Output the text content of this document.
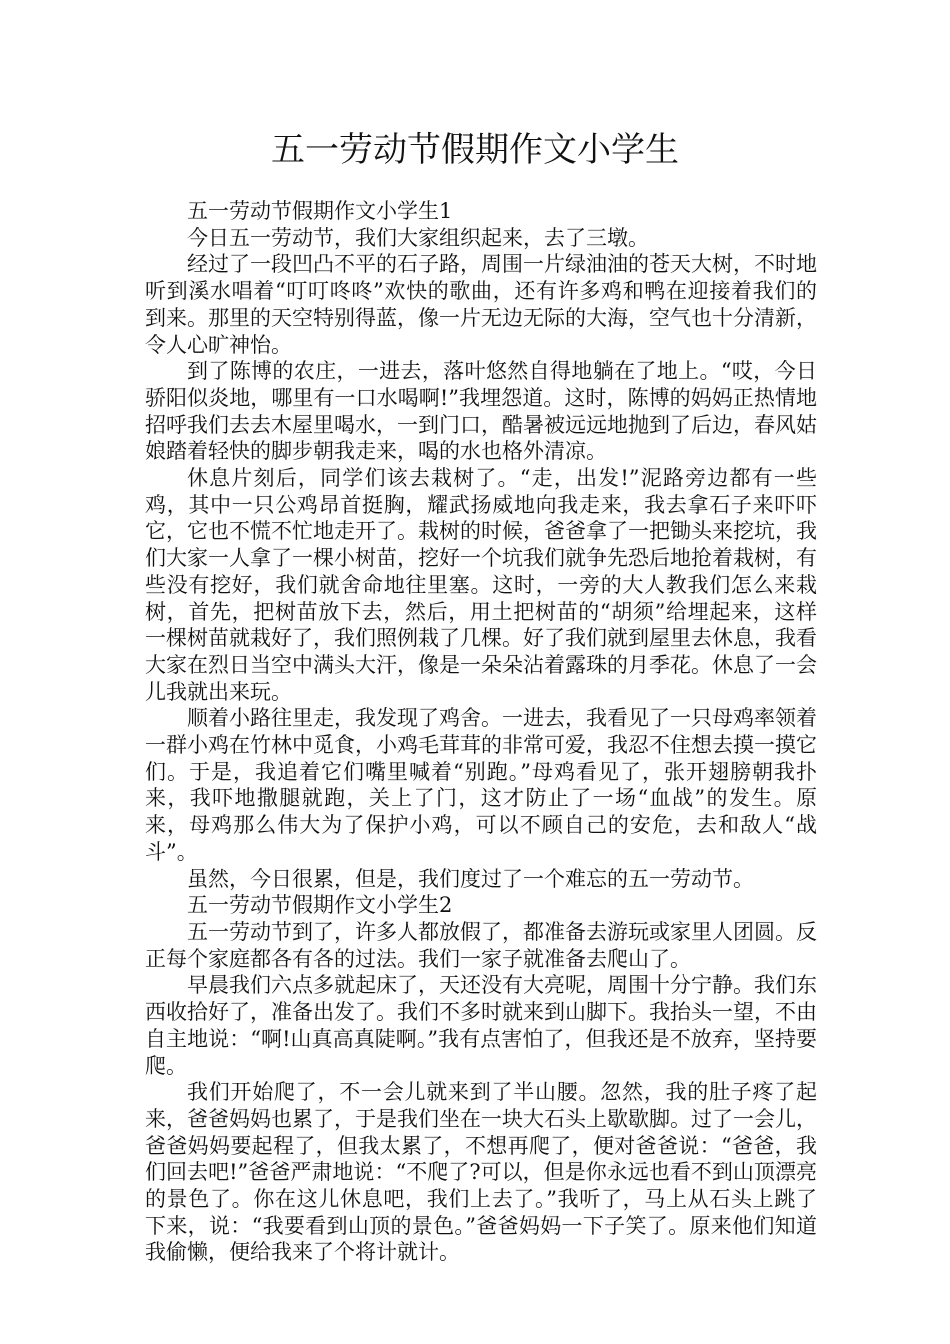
五一劳动节假期作文小学生

五一劳动节假期作文小学生1

今日五一劳动节，我们大家组织起来，去了三墩。

经过了一段凹凸不平的石子路，周围一片绿油油的苍天大树，不时地听到溪水唱着“叮叮咚咚”欢快的歌曲，还有许多鸡和鸭在迎接着我们的到来。那里的天空特别得蓝，像一片无边无际的大海，空气也十分清新，令人心旷神怡。

到了陈博的农庄，一进去，落叶悠然自得地躺在了地上。“哎，今日骄阳似炎地，哪里有一口水喝啊!”我埋怨道。这时，陈博的妈妈正热情地招呼我们去去木屋里喝水，一到门口，酷暑被远远地抛到了后边，春风姑娘踏着轻快的脚步朝我走来，喝的水也格外清凉。

休息片刻后，同学们该去栽树了。“走，出发!”泥路旁边都有一些鸡，其中一只公鸡昂首挺胸，耀武扬威地向我走来，我去拿石子来吓吓它，它也不慌不忙地走开了。栽树的时候，爸爸拿了一把锄头来挖坑，我们大家一人拿了一棵小树苗，挖好一个坑我们就争先恐后地抢着栽树，有些没有挖好，我们就舍命地往里塞。这时，一旁的大人教我们怎么来栽树，首先，把树苗放下去，然后，用土把树苗的“胡须”给埋起来，这样一棵树苗就栽好了，我们照例栽了几棵。好了我们就到屋里去休息，我看大家在烈日当空中满头大汗，像是一朵朵沾着露珠的月季花。休息了一会儿我就出来玩。

顺着小路往里走，我发现了鸡舍。一进去，我看见了一只母鸡率领着一群小鸡在竹林中觅食，小鸡毛茸茸的非常可爱，我忍不住想去摸一摸它们。于是，我追着它们嘴里喊着“别跑。”母鸡看见了，张开翅膀朝我扑来，我吓地撒腿就跑，关上了门，这才防止了一场“血战”的发生。原来，母鸡那么伟大为了保护小鸡，可以不顾自己的安危，去和敌人“战斗”。

虽然，今日很累，但是，我们度过了一个难忘的五一劳动节。

五一劳动节假期作文小学生2

五一劳动节到了，许多人都放假了，都准备去游玩或家里人团圆。反正每个家庭都各有各的过法。我们一家子就准备去爬山了。

早晨我们六点多就起床了，天还没有大亮呢，周围十分宁静。我们东西收拾好了，准备出发了。我们不多时就来到山脚下。我抬头一望，不由自主地说：“啊!山真高真陡啊。”我有点害怕了，但我还是不放弃，坚持要爬。

我们开始爬了，不一会儿就来到了半山腰。忽然，我的肚子疼了起来，爸爸妈妈也累了，于是我们坐在一块大石头上歇歇脚。过了一会儿，爸爸妈妈要起程了，但我太累了，不想再爬了，便对爸爸说：“爸爸，我们回去吧!”爸爸严肃地说：“不爬了?可以，但是你永远也看不到山顶漂亮的景色了。你在这儿休息吧，我们上去了。”我听了，马上从石头上跳了下来，说：“我要看到山顶的景色。”爸爸妈妈一下子笑了。原来他们知道我偷懒，便给我来了个将计就计。
